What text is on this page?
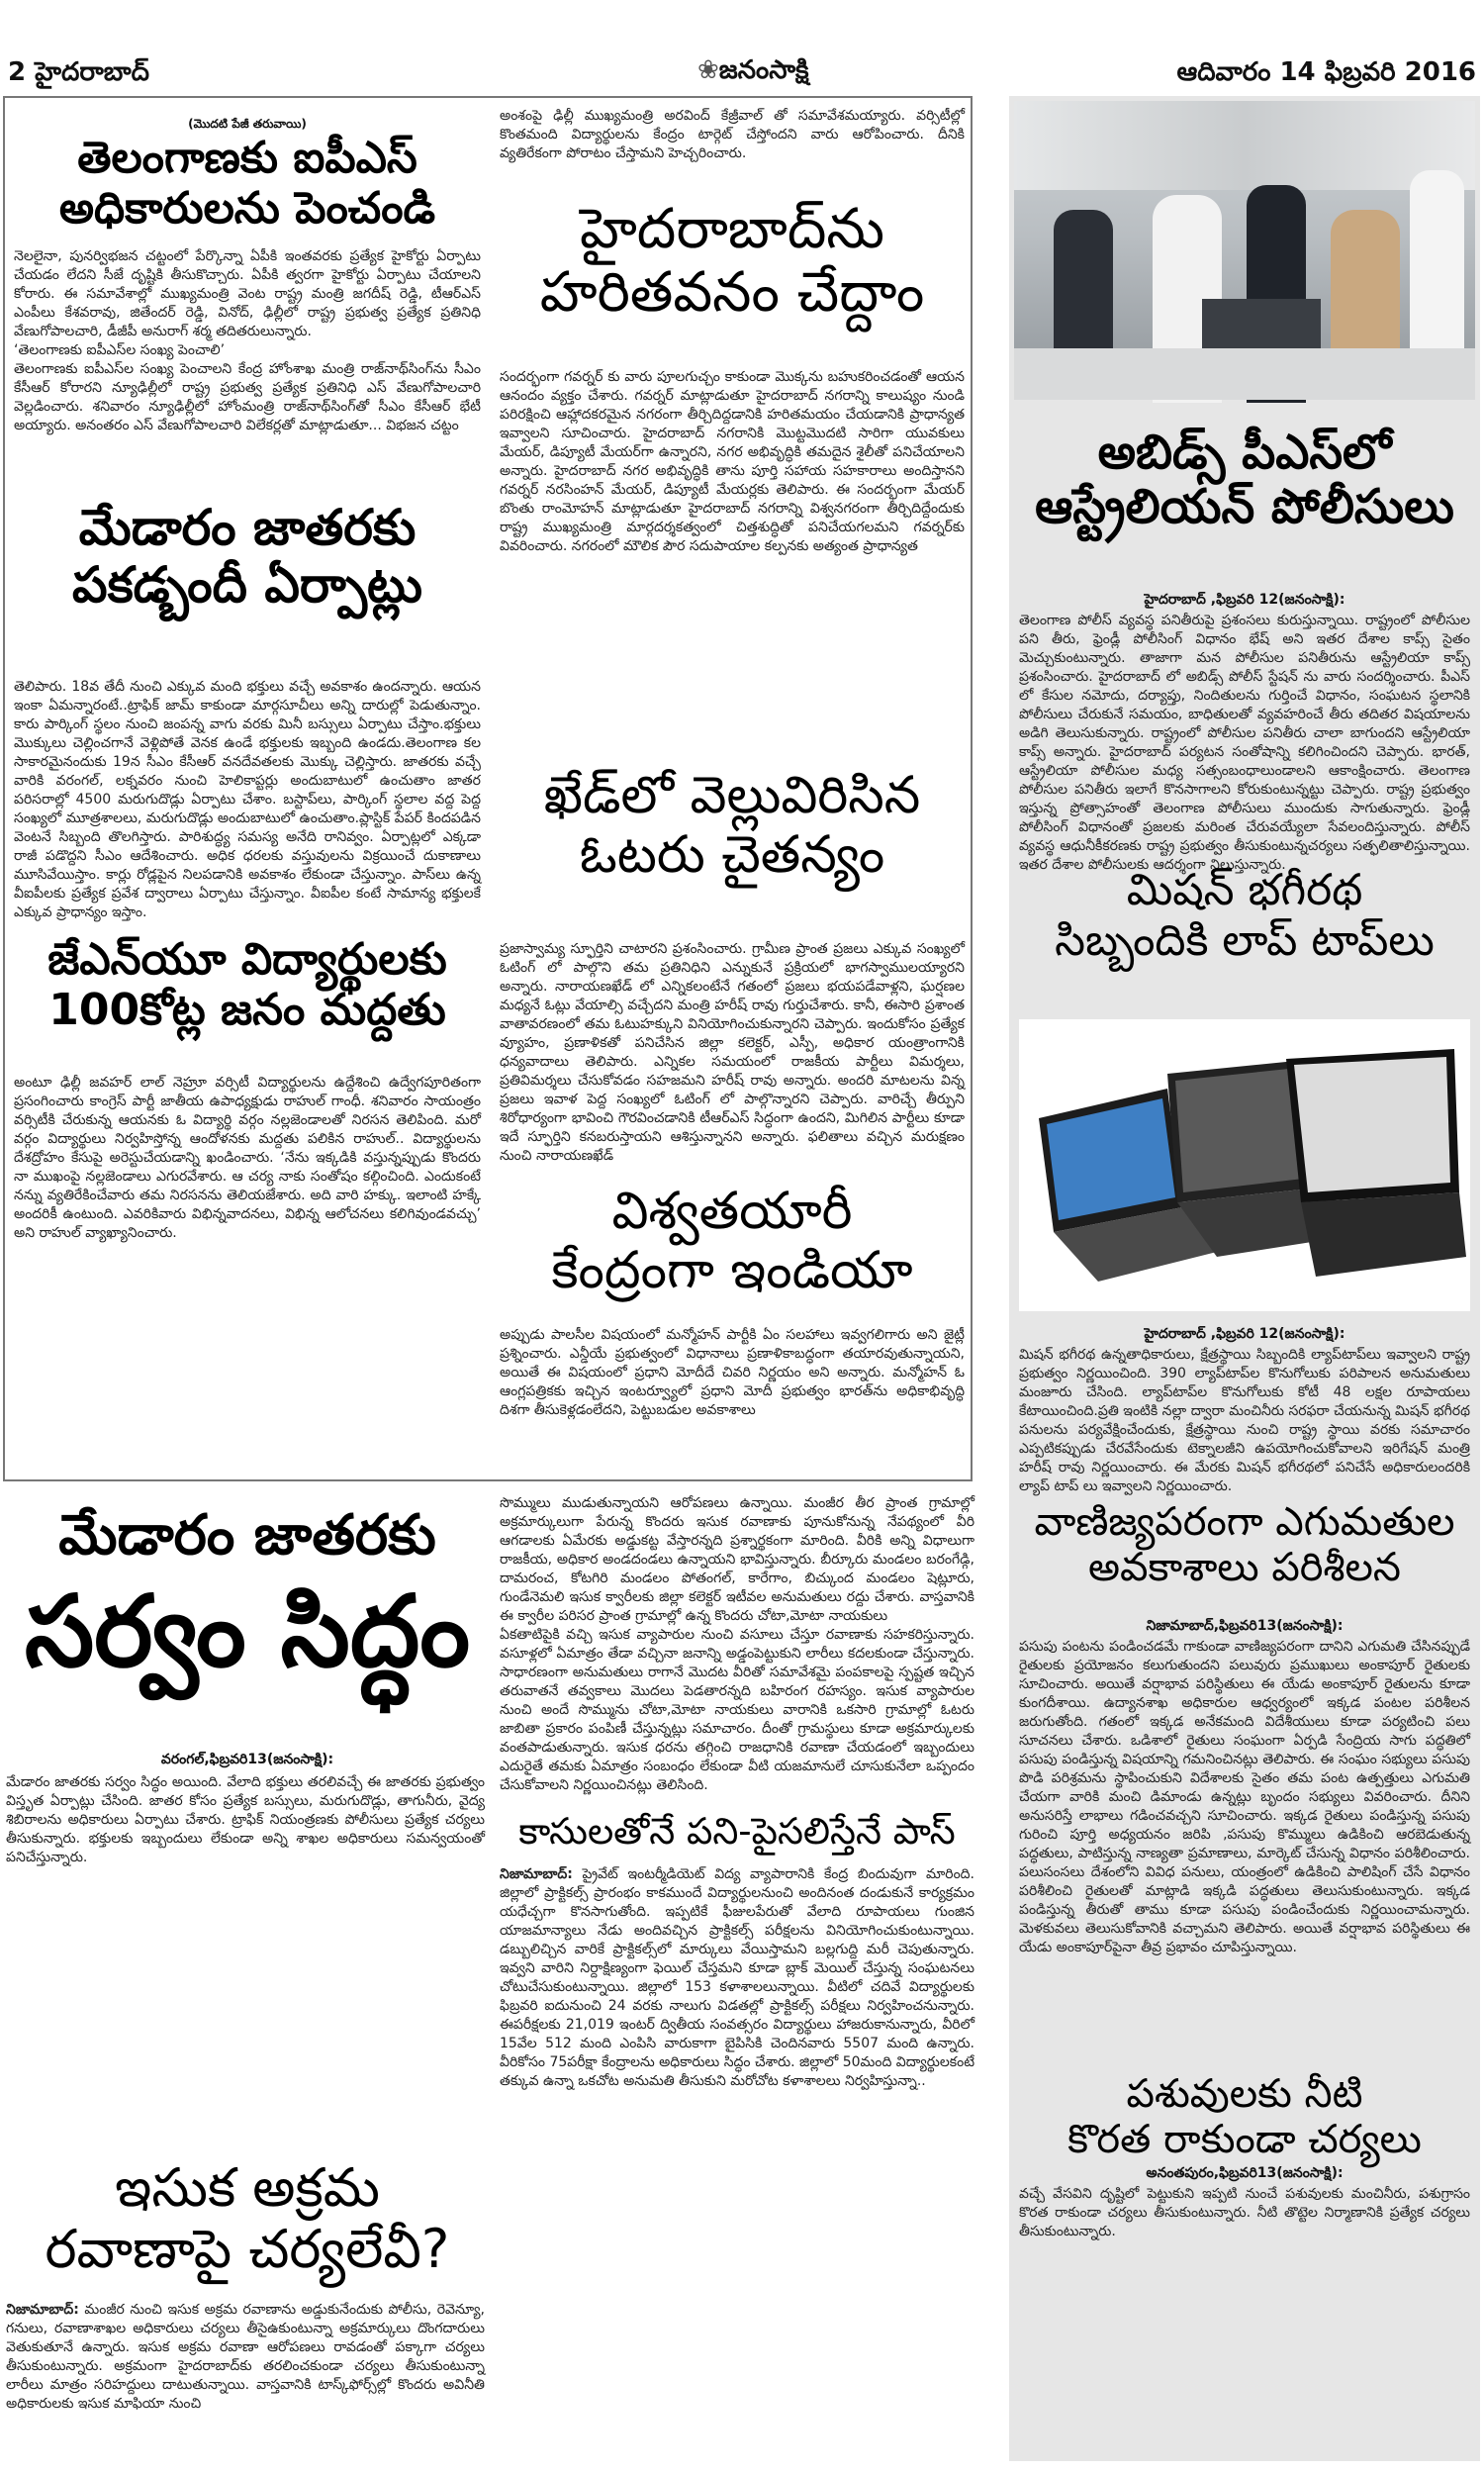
2 హైదరాబాద్	❀జనంసాక్షి	ఆదివారం 14 ఫిబ్రవరి 2016
(మొదటి పేజీ తరువాయి)
తెలంగాణకు ఐపీఎస్
అధికారులను పెంచండి

నెలలైనా, పునర్విభజన చట్టంలో పేర్కొన్నా ఏపీకి ఇంతవరకు ప్రత్యేక హైకోర్టు ఏర్పాటు చేయడం లేదని సీజే దృష్టికి తీసుకొచ్చారు. ఏపీకి త్వరగా హైకోర్టు ఏర్పాటు చేయాలని కోరారు. ఈ సమావేశాల్లో ముఖ్యమంత్రి వెంట రాష్ట్ర మంత్రి జగదీష్ రెడ్డి, టీఆర్ఎస్ ఎంపీలు కేశవరావు, జితేందర్ రెడ్డి, వినోద్, ఢిల్లీలో రాష్ట్ర ప్రభుత్వ ప్రత్యేక ప్రతినిధి వేణుగోపాలచారి, డీజీపీ అనురాగ్ శర్మ తదితరులున్నారు.

‘తెలంగాణకు ఐపీఎస్‌ల సంఖ్య పెంచాలి’

తెలంగాణకు ఐపీఎస్‌ల సంఖ్య పెంచాలని కేంద్ర హోంశాఖ మంత్రి రాజ్‌నాథ్‌సింగ్‌ను సీఎం కేసీఆర్ కోరారని న్యూఢిల్లీలో రాష్ట్ర ప్రభుత్వ ప్రత్యేక ప్రతినిధి ఎస్ వేణుగోపాలచారి వెల్లడించారు. శనివారం న్యూఢిల్లీలో హోంమంత్రి రాజ్‌నాథ్‌సింగ్‌తో సీఎం కేసీఆర్ భేటీ అయ్యారు. అనంతరం ఎస్ వేణుగోపాలచారి విలేకర్లతో మాట్లాడుతూ... విభజన చట్టం

మేడారం జాతరకు
పకడ్బందీ ఏర్పాట్లు
తెలిపారు. 18వ తేదీ నుంచి ఎక్కువ మంది భక్తులు వచ్చే అవకాశం ఉందన్నారు. ఆయన ఇంకా ఏమన్నారంటే..ట్రాఫిక్ జామ్ కాకుండా మార్గసూచీలు అన్ని దారుల్లో పెడుతున్నాం. కారు పార్కింగ్ స్థలం నుంచి జంపన్న వాగు వరకు మినీ బస్సులు ఏర్పాటు చేస్తాం.భక్తులు మొక్కులు చెల్లించగానే వెళ్లిపోతే వెనక ఉండే భక్తులకు ఇబ్బంది ఉండదు.తెలంగాణ కల సాకారమైనందుకు 19న సీఎం కేసీఆర్ వనదేవతలకు మొక్కు చెల్లిస్తారు. జాతరకు వచ్చే వారికి వరంగల్, లక్నవరం నుంచి హెలికాప్టర్లు అందుబాటులో ఉంచుతాం జాతర పరిసరాల్లో 4500 మరుగుదొడ్లు ఏర్పాటు చేశాం. బస్టాప్‌లు, పార్కింగ్ స్థలాల వద్ద పెద్ద సంఖ్యలో మూత్రశాలలు, మరుగుదొడ్లు అందుబాటులో ఉంచుతాం.ప్లాస్టిక్ పేపర్ కిందపడిన వెంటనే సిబ్బంది తొలగిస్తారు. పారిశుద్ధ్య సమస్య అనేది రానివ్వం. ఏర్పాట్లలో ఎక్కడా రాజీ పడొద్దని సీఎం ఆదేశించారు. అధిక ధరలకు వస్తువులను విక్రయించే దుకాణాలు మూసివేయిస్తాం. కార్లు రోడ్లపైన నిలపడానికి అవకాశం లేకుండా చేస్తున్నాం. పాస్‌లు ఉన్న వీఐపీలకు ప్రత్యేక ప్రవేశ ద్వారాలు ఏర్పాటు చేస్తున్నాం. వీఐపీల కంటే సామాన్య భక్తులకే ఎక్కువ ప్రాధాన్యం ఇస్తాం.
జేఎన్‌యూ విద్యార్థులకు
100కోట్ల జనం మద్దతు
అంటూ ఢిల్లీ జవహర్ లాల్ నెహ్రూ వర్సిటీ విద్యార్థులను ఉద్దేశించి ఉద్వేగపూరితంగా ప్రసంగించారు కాంగ్రెస్ పార్టీ జాతీయ ఉపాధ్యక్షుడు రాహుల్ గాంధీ. శనివారం సాయంత్రం వర్సిటీకి చేరుకున్న ఆయనకు ఓ విద్యార్థి వర్గం నల్లజెండాలతో నిరసన తెలిపింది. మరో వర్గం విద్యార్థులు నిర్వహిస్తోన్న ఆందోళనకు మద్దతు పలికిన రాహుల్.. విద్యార్థులను దేశద్రోహం కేసుపై అరెస్టుచేయడాన్ని ఖండించారు. ‘నేను ఇక్కడికి వస్తున్నప్పుడు కొందరు నా ముఖంపై నల్లజెండాలు ఎగురవేశారు. ఆ చర్య నాకు సంతోషం కల్గించింది. ఎందుకంటే నన్ను వ్యతిరేకించేవారు తమ నిరసనను తెలియజేశారు. అది వారి హక్కు. ఇలాంటి హక్కే అందరికీ ఉంటుంది. ఎవరికివారు విభిన్నవాదనలు, విభిన్న ఆలోచనలు కలిగివుండవచ్చు’ అని రాహుల్ వ్యాఖ్యానించారు.
అంశంపై ఢిల్లీ ముఖ్యమంత్రి అరవింద్ కేజ్రీవాల్ తో సమావేశమయ్యారు. వర్సిటీల్లో కొంతమంది విద్యార్థులను కేంద్రం టార్గెట్ చేస్తోందని వారు ఆరోపించారు. దీనికి వ్యతిరేకంగా పోరాటం చేస్తామని హెచ్చరించారు.
హైదరాబాద్‌ను
హరితవనం చేద్దాం
సందర్భంగా గవర్నర్ కు వారు పూలగుచ్చం కాకుండా మొక్కను బహుకరించడంతో ఆయన ఆనందం వ్యక్తం చేశారు. గవర్నర్ మాట్లాడుతూ హైదరాబాద్ నగరాన్ని కాలుష్యం నుండి పరిరక్షించి ఆహ్లాదకరమైన నగరంగా తీర్చిదిద్దడానికి హరితమయం చేయడానికి ప్రాధాన్యత ఇవ్వాలని సూచించారు. హైదరాబాద్ నగరానికి మొట్టమొదటి సారిగా యువకులు మేయర్, డిప్యూటీ మేయర్‌గా ఉన్నారని, నగర అభివృద్ధికి తమదైన శైలీతో పనిచేయాలని అన్నారు. హైదరాబాద్ నగర అభివృద్ధికి తాను పూర్తి సహాయ సహకారాలు అందిస్తానని గవర్నర్ నరసింహన్ మేయర్, డిప్యూటీ మేయర్లకు తెలిపారు. ఈ సందర్భంగా మేయర్ బొంతు రాంమోహన్ మాట్లాడుతూ హైదరాబాద్ నగరాన్ని విశ్వనగరంగా తీర్చిదిద్దేందుకు రాష్ట్ర ముఖ్యమంత్రి మార్గదర్శకత్వంలో చిత్తశుద్ధితో పనిచేయగలమని గవర్నర్‌కు వివరించారు. నగరంలో మౌలిక పౌర సదుపాయాల కల్పనకు అత్యంత ప్రాధాన్యత
ఖేడ్‌లో వెల్లువిరిసిన
ఓటరు చైతన్యం
ప్రజాస్వామ్య స్ఫూర్తిని చాటారని ప్రశంసించారు. గ్రామీణ ప్రాంత ప్రజలు ఎక్కువ సంఖ్యలో ఓటింగ్ లో పాల్గొని తమ ప్రతినిధిని ఎన్నుకునే ప్రక్రియలో భాగస్వాములయ్యారని అన్నారు. నారాయణఖేడ్ లో ఎన్నికలంటేనే గతంలో ప్రజలు భయపడేవాళ్లని, ఘర్షణల మధ్యనే ఓట్లు వేయాల్సి వచ్చేదని మంత్రి హరీష్ రావు గుర్తుచేశారు. కానీ, ఈసారి ప్రశాంత వాతావరణంలో తమ ఓటుహక్కుని వినియోగించుకున్నారని చెప్పారు. ఇందుకోసం ప్రత్యేక వ్యూహం, ప్రణాళికతో పనిచేసిన జిల్లా కలెక్టర్, ఎస్పీ, అధికార యంత్రాంగానికి ధన్యవాదాలు తెలిపారు. ఎన్నికల సమయంలో రాజకీయ పార్టీలు విమర్శలు, ప్రతివిమర్శలు చేసుకోవడం సహజమని హరీష్ రావు అన్నారు. అందరి మాటలను విన్న ప్రజలు ఇవాళ పెద్ద సంఖ్యలో ఓటింగ్ లో పాల్గొన్నారని చెప్పారు. వారిచ్చే తీర్పుని శిరోధార్యంగా భావించి గౌరవించడానికి టీఆర్ఎస్ సిద్ధంగా ఉందని, మిగిలిన పార్టీలు కూడా ఇదే స్ఫూర్తిని కనబరుస్తాయని ఆశిస్తున్నానని అన్నారు. ఫలితాలు వచ్చిన మరుక్షణం నుంచి నారాయణఖేడ్
విశ్వతయారీ
కేంద్రంగా ఇండియా
అప్పుడు పాలసీల విషయంలో మన్మోహన్ పార్టీకి ఏం సలహాలు ఇవ్వగలిగారు అని జైట్లీ ప్రశ్నించారు. ఎన్డీయే ప్రభుత్వంలో విధానాలు ప్రణాళికాబద్ధంగా తయారవుతున్నాయని, అయితే ఈ విషయంలో ప్రధాని మోదీదే చివరి నిర్ణయం అని అన్నారు. మన్మోహన్ ఓ ఆంగ్లపత్రికకు ఇచ్చిన ఇంటర్వ్యూలో ప్రధాని మోదీ ప్రభుత్వం భారత్‌ను అధికాభివృద్ధి దిశగా తీసుకెళ్లడంలేదని, పెట్టుబడుల అవకాశాలు
అబిడ్స్ పీఎస్‌లో
ఆస్ట్రేలియన్ పోలీసులు
హైదరాబాద్ ,ఫిబ్రవరి 12(జనంసాక్షి):
తెలంగాణ పోలీస్ వ్యవస్థ పనితీరుపై ప్రశంసలు కురుస్తున్నాయి. రాష్ట్రంలో పోలీసుల పని తీరు, ఫ్రెండ్లీ పోలీసింగ్ విధానం భేష్ అని ఇతర దేశాల కాప్స్ సైతం మెచ్చుకుంటున్నారు. తాజాగా మన పోలీసుల పనితీరును ఆస్ట్రేలియా కాప్స్ ప్రశంసించారు. హైదరాబాద్ లో అబిడ్స్ పోలీస్ స్టేషన్ ను వారు సందర్శించారు. పీఎస్ లో కేసుల నమోదు, దర్యాప్తు, నిందితులను గుర్తించే విధానం, సంఘటన స్థలానికి పోలీసులు చేరుకునే సమయం, బాధితులతో వ్యవహరించే తీరు తదితర విషయాలను అడిగి తెలుసుకున్నారు. రాష్ట్రంలో పోలీసుల పనితీరు చాలా బాగుందని ఆస్ట్రేలియా కాప్స్ అన్నారు. హైదరాబాద్ పర్యటన సంతోషాన్ని కలిగించిందని చెప్పారు. భారత్, ఆస్ట్రేలియా పోలీసుల మధ్య సత్సంబంధాలుండాలని ఆకాంక్షించారు. తెలంగాణ పోలీసుల పనితీరు ఇలాగే కొనసాగాలని కోరుకుంటున్నట్టు చెప్పారు. రాష్ట్ర ప్రభుత్వం ఇస్తున్న ప్రోత్సాహంతో తెలంగాణ పోలీసులు ముందుకు సాగుతున్నారు. ఫ్రెండ్లీ పోలీసింగ్ విధానంతో ప్రజలకు మరింత చేరువయ్యేలా సేవలందిస్తున్నారు. పోలీస్ వ్యవస్థ ఆధునీకీకరణకు రాష్ట్ర ప్రభుత్వం తీసుకుంటున్నచర్యలు సత్ఫలితాలిస్తున్నాయి. ఇతర దేశాల పోలీసులకు ఆదర్శంగా నిలుస్తున్నారు.
మిషన్ భగీరథ
సిబ్బందికి లాప్ టాప్‌లు
హైదరాబాద్ ,ఫిబ్రవరి 12(జనంసాక్షి):
మిషన్ భగీరథ ఉన్నతాధికారులు, క్షేత్రస్థాయి సిబ్బందికి ల్యాప్‌టాప్‌లు ఇవ్వాలని రాష్ట్ర ప్రభుత్వం నిర్ణయించింది. 390 ల్యాప్‌టాప్‌ల కొనుగోలుకు పరిపాలన అనుమతులు మంజూరు చేసింది. ల్యాప్‌టాప్‌ల కొనుగోలుకు కోటీ 48 లక్షల రూపాయలు కేటాయించింది.ప్రతి ఇంటికి నల్లా ద్వారా మంచినీరు సరఫరా చేయనున్న మిషన్ భగీరథ పనులను పర్యవేక్షించేందుకు, క్షేత్రస్థాయి నుంచి రాష్ట్ర స్థాయి వరకు సమాచారం ఎప్పటికప్పుడు చేరవేసేందుకు టెక్నాలజీని ఉపయోగించుకోవాలని ఇరిగేషన్ మంత్రి హరీష్ రావు నిర్ణయించారు. ఈ మేరకు మిషన్ భగీరథలో పనిచేసే అధికారులందరికి ల్యాప్ టాప్ లు ఇవ్వాలని నిర్ణయించారు.
వాణిజ్యపరంగా ఎగుమతుల
అవకాశాలు పరిశీలన
నిజామాబాద్,ఫిబ్రవరి13(జనంసాక్షి):
పసుపు పంటను పండించడమే గాకుండా వాణిజ్యపరంగా దానిని ఎగుమతి చేసినప్పుడే రైతులకు ప్రయోజనం కలుగుతుందని పలువురు ప్రముఖులు అంకాపూర్ రైతులకు సూచించారు. అయితే వర్షాభావ పరిస్థితులు ఈ యేడు అంకాపూర్ రైతులను కూడా కుంగదీశాయి. ఉద్యానశాఖ అధికారుల ఆధ్వర్యంలో ఇక్కడ పంటల పరిశీలన జరుగుతోంది. గతంలో ఇక్కడ అనేకమంది విదేశీయులు కూడా పర్యటించి పలు సూచనలు చేశారు. ఒడిశాలో రైతులు సంఘంగా ఏర్పడి సేంద్రియ సాగు పద్ధతిలో పసుపు పండిస్తున్న విషయాన్ని గమనించినట్లు తెలిపారు. ఈ సంఘం సభ్యులు పసుపు పొడి పరిశ్రమను స్థాపించుకుని విదేశాలకు సైతం తమ పంట ఉత్పత్తులు ఎగుమతి చేయగా వారికి మంచి డిమాండు ఉన్నట్లు బృందం సభ్యులు వివరించారు. దీనిని అనుసరిస్తే లాభాలు గడించవచ్చని సూచించారు. ఇక్కడ రైతులు పండిస్తున్న పసుపు గురించి పూర్తి అధ్యయనం జరిపి ,పసుపు కొమ్ములు ఉడికించి ఆరబెడుతున్న పద్ధతులు, పాటిస్తున్న నాణ్యతా ప్రమాణాలు, మార్కెట్ చేసున్న విధానం పరిశీలించారు. పలుసంసలు దేశంలోని వివిధ పనులు, యంత్రంలో ఉడికించి పాలిషింగ్ చేసే విధానం పరిశీలించి రైతులతో మాట్లాడి ఇక్కడి పద్ధతులు తెలుసుకుంటున్నారు. ఇక్కడ పండిస్తున్న తీరుతో తాము కూడా పసుపు పండించేందుకు నిర్ణయించామన్నారు. మెళకువలు తెలుసుకోవానికి వచ్చామని తెలిపారు. అయితే వర్షాభావ పరిస్థితులు ఈ యేడు అంకాపూర్‌పైనా తీవ్ర ప్రభావం చూపిస్తున్నాయి.
పశువులకు నీటి
కొరత రాకుండా చర్యలు
అనంతపురం,ఫిబ్రవరి13(జనంసాక్షి):
వచ్చే వేసవిని దృష్టిలో పెట్టుకుని ఇప్పటి నుంచే పశువులకు మంచినీరు, పశుగ్రాసం కొరత రాకుండా చర్యలు తీసుకుంటున్నారు. నీటి తొట్టెల నిర్మాణానికి ప్రత్యేక చర్యలు తీసుకుంటున్నారు.
మేడారం జాతరకు
సర్వం సిద్ధం
వరంగల్,ఫిబ్రవరి13(జనంసాక్షి):
మేడారం జాతరకు సర్వం సిద్ధం అయింది. వేలాది భక్తులు తరలివచ్చే ఈ జాతరకు ప్రభుత్వం విస్తృత ఏర్పాట్లు చేసింది. జాతర కోసం ప్రత్యేక బస్సులు, మరుగుదొడ్లు, తాగునీరు, వైద్య శిబిరాలను అధికారులు ఏర్పాటు చేశారు. ట్రాఫిక్ నియంత్రణకు పోలీసులు ప్రత్యేక చర్యలు తీసుకున్నారు. భక్తులకు ఇబ్బందులు లేకుండా అన్ని శాఖల అధికారులు సమన్వయంతో పనిచేస్తున్నారు.
ఇసుక అక్రమ
రవాణాపై చర్యలేవీ?
నిజామాబాద్: మంజీర నుంచి ఇసుక అక్రమ రవాణాను అడ్డుకునేందుకు పోలీసు, రెవెన్యూ, గనులు, రవాణాశాఖల అధికారులు చర్యలు తీసైఉకుంటున్నా అక్రమార్కులు దొంగదారులు వెతుకుతూనే ఉన్నారు. ఇసుక అక్రమ రవాణా ఆరోపణలు రావడంతో పక్కాగా చర్యలు తీసుకుంటున్నారు. అక్రమంగా హైదరాబాద్‌కు తరలించకుండా చర్యలు తీసుకుంటున్నా లారీలు మాత్రం సరిహద్దులు దాటుతున్నాయి. వాస్తవానికి టాస్క్‌ఫోర్స్‌ల్లో కొందరు అవినీతి అధికారులకు ఇసుక మాఫియా నుంచి

సొమ్ములు ముడుతున్నాయని ఆరోపణలు ఉన్నాయి. మంజీర తీర ప్రాంత గ్రామాల్లో అక్రమార్కులుగా పేరున్న కొందరు ఇసుక రవాణాకు పూనుకోనున్న నేపథ్యంలో వీరి ఆగడాలకు ఏమేరకు అడ్డుకట్ట వేస్తారన్నది ప్రశ్నార్థకంగా మారింది. వీరికి అన్ని విధాలుగా రాజకీయ, అధికార అండదండలు ఉన్నాయని భావిస్తున్నారు. బీర్కూరు మండలం బరంగేడ్గి, దామరంచ, కోటగిరి మండలం పోతంగల్, కారేగాం, బిచ్కుంద మండలం షెట్లూరు, గుండేనెమలి ఇసుక క్వారీలకు జిల్లా కలెక్టర్ ఇటీవల అనుమతులు రద్దు చేశారు. వాస్తవానికి ఈ క్వారీల పరిసర ప్రాంత గ్రామాల్లో ఉన్న కొందరు చోటా,మోటా నాయకులు

ఏకతాటిపైకి వచ్చి ఇసుక వ్యాపారుల నుంచి వసూలు చేస్తూ రవాణాకు సహకరిస్తున్నారు. వసూళ్లలో ఏమాత్రం తేడా వచ్చినా జనాన్ని అడ్డంపెట్టుకుని లారీలు కదలకుండా చేస్తున్నారు. సాధారణంగా అనుమతులు రాగానే మొదట వీరితో సమావేశమై పంపకాలపై స్పష్టత ఇచ్చిన తరువాతనే తవ్వకాలు మొదలు పెడతారన్నది బహిరంగ రహస్యం. ఇసుక వ్యాపారుల నుంచి అందే సొమ్మును చోటా,మోటా నాయకులు వారానికి ఒకసారి గ్రామాల్లో ఓటరు జాబితా ప్రకారం పంపిణీ చేస్తున్నట్లు సమాచారం. దీంతో గ్రామస్థులు కూడా అక్రమార్కులకు వంతపాడుతున్నారు. ఇసుక ధరను తగ్గించి రాజధానికి రవాణా చేయడంలో ఇబ్బందులు ఎదురైతే తమకు ఏమాత్రం సంబంధం లేకుండా వీటి యజమానులే చూసుకునేలా ఒప్పందం చేసుకోవాలని నిర్ణయించినట్లు తెలిసింది.

కాసులతోనే పని-పైసలిస్తేనే పాస్
నిజామాబాద్: ప్రైవేట్ ఇంటర్మీడియెట్ విద్య వ్యాపారానికి కేంద్ర బిందువుగా మారింది. జిల్లాలో ప్రాక్టికల్స్ ప్రారంభం కాకముందే విద్యార్థులనుంచి అందినంత దండుకునే కార్యక్రమం యధేచ్చగా కొనసాగుతోంది. ఇప్పటికే ఫీజులపేరుతో వేలాది రూపాయలు గుంజిన యాజమాన్యాలు నేడు అందివచ్చిన ప్రాక్టికల్స్ పరీక్షలను వినియోగించుకుంటున్నాయి. డబ్బులిచ్చిన వారికే ప్రాక్టికల్స్‌లో మార్కులు వేయిస్తామని బల్లగుద్ది మరీ చెపుతున్నారు. ఇవ్వని వారిని నిర్దాక్షిణ్యంగా ఫెయిల్ చేస్తమని కూడా బ్లాక్ మెయిల్ చేస్తున్న సంఘటనలు చోటుచేసుకుంటున్నాయి. జిల్లాలో 153 కళాశాలలున్నాయి. వీటిలో చదివే విద్యార్థులకు ఫిబ్రవరి ఐదునుంచి 24 వరకు నాలుగు విడతల్లో ప్రాక్టికల్స్ పరీక్షలు నిర్వహించనున్నారు. ఈపరీక్షలకు 21,019 ఇంటర్ ద్వితీయ సంవత్సరం విద్యార్థులు హాజరుకానున్నారు, వీరిలో 15వేల 512 మంది ఎంపిసి వారుకాగా బైపిసికి చెందినవారు 5507 మంది ఉన్నారు. వీరికోసం 75పరీక్షా కేంద్రాలను అధికారులు సిద్ధం చేశారు. జిల్లాలో 50మంది విద్యార్థులకంటే తక్కువ ఉన్నా ఒకచోట అనుమతి తీసుకుని మరోచోట కళాశాలలు నిర్వహిస్తున్నా..
